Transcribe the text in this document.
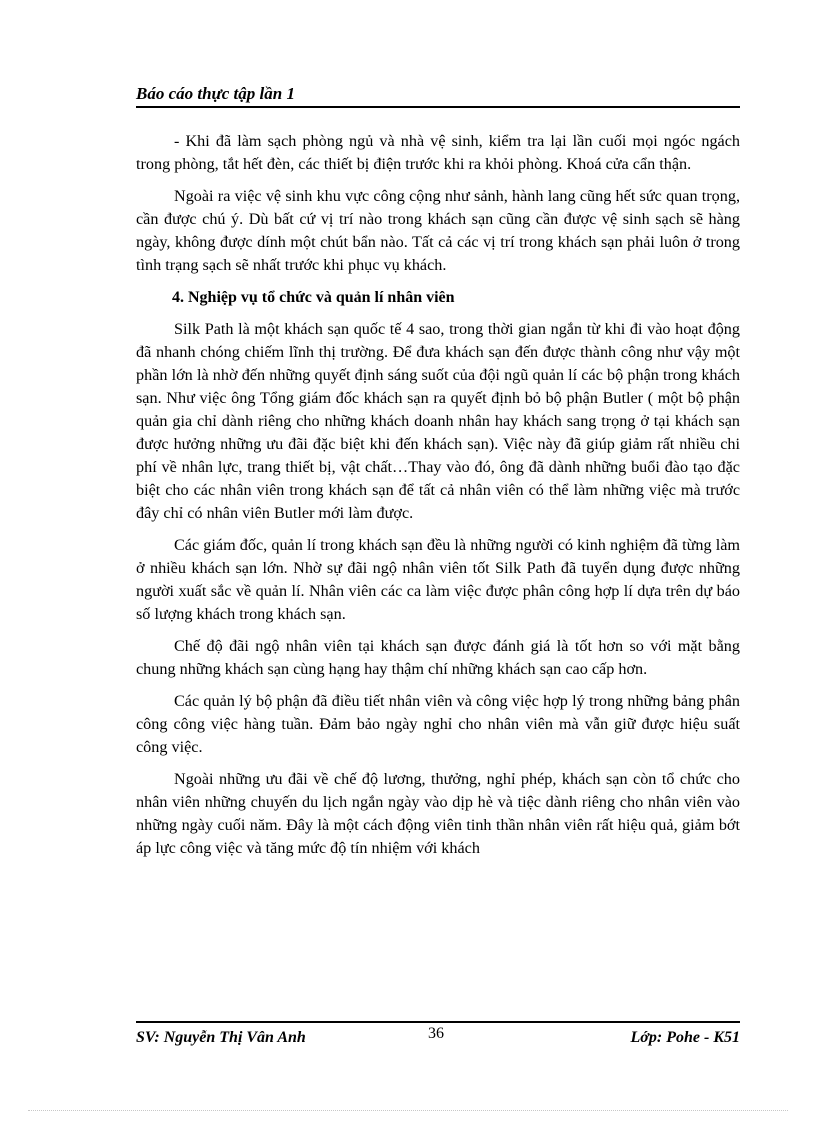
Báo cáo thực tập lần 1

- Khi đã làm sạch phòng ngủ và nhà vệ sinh, kiểm tra lại lần cuối mọi ngóc ngách trong phòng, tắt hết đèn, các thiết bị điện trước khi ra khỏi phòng. Khoá cửa cẩn thận.

Ngoài ra việc vệ sinh khu vực công cộng như sảnh, hành lang cũng hết sức quan trọng, cần được chú ý. Dù bất cứ vị trí nào trong khách sạn cũng cần được vệ sinh sạch sẽ hàng ngày, không được dính một chút bẩn nào. Tất cả các vị trí trong khách sạn phải luôn ở trong tình trạng sạch sẽ nhất trước khi phục vụ khách.

4. Nghiệp vụ tổ chức và quản lí nhân viên

Silk Path là một khách sạn quốc tế 4 sao, trong thời gian ngắn từ khi đi vào hoạt động đã nhanh chóng chiếm lĩnh thị trường. Để đưa khách sạn đến được thành công như vậy một phần lớn là nhờ đến những quyết định sáng suốt của đội ngũ quản lí các bộ phận trong khách sạn. Như việc ông Tổng giám đốc khách sạn ra quyết định bỏ bộ phận Butler ( một bộ phận quản gia chỉ dành riêng cho những khách doanh nhân hay khách sang trọng ở tại khách sạn được hưởng những ưu đãi đặc biệt khi đến khách sạn). Việc này đã giúp giảm rất nhiều chi phí về nhân lực, trang thiết bị, vật chất…Thay vào đó, ông đã dành những buổi đào tạo đặc biệt cho các nhân viên trong khách sạn để tất cả nhân viên có thể làm những việc mà trước đây chỉ có nhân viên Butler mới làm được.

Các giám đốc, quản lí trong khách sạn đều là những người có kinh nghiệm đã từng làm ở nhiều khách sạn lớn. Nhờ sự đãi ngộ nhân viên tốt Silk Path đã tuyển dụng được những người xuất sắc về quản lí. Nhân viên các ca làm việc được phân công hợp lí dựa trên dự báo số lượng khách trong khách sạn.

Chế độ đãi ngộ nhân viên tại khách sạn được đánh giá là tốt hơn so với mặt bằng chung những khách sạn cùng hạng hay thậm chí những khách sạn cao cấp hơn.

Các quản lý bộ phận đã điều tiết nhân viên và công việc hợp lý trong những bảng phân công công việc hàng tuần. Đảm bảo ngày nghỉ cho nhân viên mà vẫn giữ được hiệu suất công việc.

Ngoài những ưu đãi về chế độ lương, thưởng, nghỉ phép, khách sạn còn tổ chức cho nhân viên những chuyến du lịch ngắn ngày vào dịp hè và tiệc dành riêng cho nhân viên vào những ngày cuối năm. Đây là một cách động viên tinh thần nhân viên rất hiệu quả, giảm bớt áp lực công việc và tăng mức độ tín nhiệm với khách

SV: Nguyễn Thị Vân Anh	36	Lớp: Pohe - K51
